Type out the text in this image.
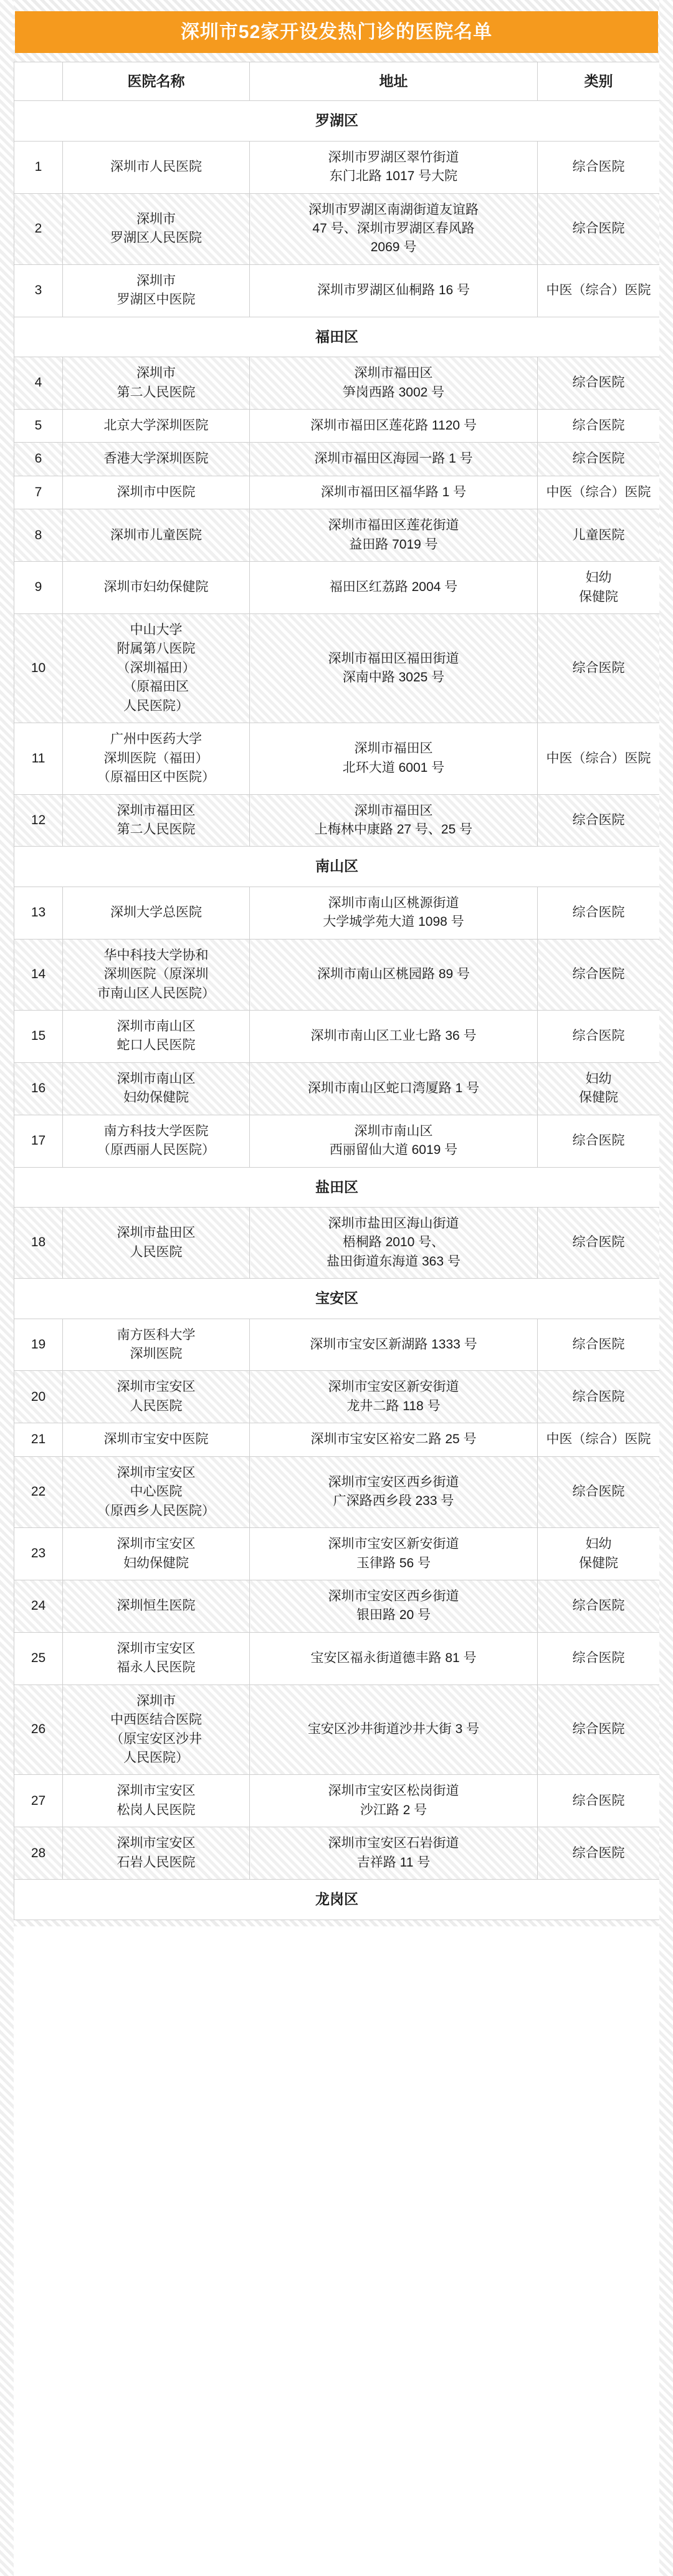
深圳市52家开设发热门诊的医院名单
	医院名称	地址	类别
罗湖区			
1	深圳市人民医院	深圳市罗湖区翠竹街道
东门北路 1017 号大院	综合医院
2	深圳市
罗湖区人民医院	深圳市罗湖区南湖街道友谊路
47 号、深圳市罗湖区春风路
2069 号	综合医院
3	深圳市
罗湖区中医院	深圳市罗湖区仙桐路 16 号	中医（综合）医院
福田区			
4	深圳市
第二人民医院	深圳市福田区
笋岗西路 3002 号	综合医院
5	北京大学深圳医院	深圳市福田区莲花路 1120 号	综合医院
6	香港大学深圳医院	深圳市福田区海园一路 1 号	综合医院
7	深圳市中医院	深圳市福田区福华路 1 号	中医（综合）医院
8	深圳市儿童医院	深圳市福田区莲花街道
益田路 7019 号	儿童医院
9	深圳市妇幼保健院	福田区红荔路 2004 号	妇幼
保健院
10	中山大学
附属第八医院
（深圳福田）
（原福田区
人民医院）	深圳市福田区福田街道
深南中路 3025 号	综合医院
11	广州中医药大学
深圳医院（福田）
（原福田区中医院）	深圳市福田区
北环大道 6001 号	中医（综合）医院
12	深圳市福田区
第二人民医院	深圳市福田区
上梅林中康路 27 号、25 号	综合医院
南山区			
13	深圳大学总医院	深圳市南山区桃源街道
大学城学苑大道 1098 号	综合医院
14	华中科技大学协和
深圳医院（原深圳
市南山区人民医院）	深圳市南山区桃园路 89 号	综合医院
15	深圳市南山区
蛇口人民医院	深圳市南山区工业七路 36 号	综合医院
16	深圳市南山区
妇幼保健院	深圳市南山区蛇口湾厦路 1 号	妇幼
保健院
17	南方科技大学医院
（原西丽人民医院）	深圳市南山区
西丽留仙大道 6019 号	综合医院
盐田区			
18	深圳市盐田区
人民医院	深圳市盐田区海山街道
梧桐路 2010 号、
盐田街道东海道 363 号	综合医院
宝安区			
19	南方医科大学
深圳医院	深圳市宝安区新湖路 1333 号	综合医院
20	深圳市宝安区
人民医院	深圳市宝安区新安街道
龙井二路 118 号	综合医院
21	深圳市宝安中医院	深圳市宝安区裕安二路 25 号	中医（综合）医院
22	深圳市宝安区
中心医院
（原西乡人民医院）	深圳市宝安区西乡街道
广深路西乡段 233 号	综合医院
23	深圳市宝安区
妇幼保健院	深圳市宝安区新安街道
玉律路 56 号	妇幼
保健院
24	深圳恒生医院	深圳市宝安区西乡街道
银田路 20 号	综合医院
25	深圳市宝安区
福永人民医院	宝安区福永街道德丰路 81 号	综合医院
26	深圳市
中西医结合医院
（原宝安区沙井
人民医院）	宝安区沙井街道沙井大街 3 号	综合医院
27	深圳市宝安区
松岗人民医院	深圳市宝安区松岗街道
沙江路 2 号	综合医院
28	深圳市宝安区
石岩人民医院	深圳市宝安区石岩街道
吉祥路 11 号	综合医院
龙岗区			
